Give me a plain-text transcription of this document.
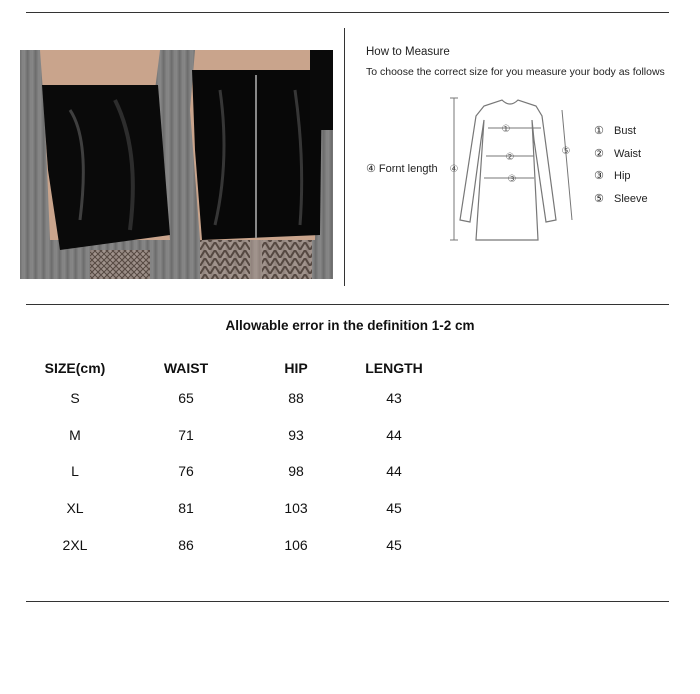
How to Measure
To choose the correct size for you measure your body as follows
①
②
③
④
⑤
④ Fornt length
① Bust
② Waist
③ Hip
⑤ Sleeve
Allowable error in the definition 1-2 cm
SIZE(cm)	WAIST	HIP	LENGTH
S	65	88	43
M	71	93	44
L	76	98	44
XL	81	103	45
2XL	86	106	45
